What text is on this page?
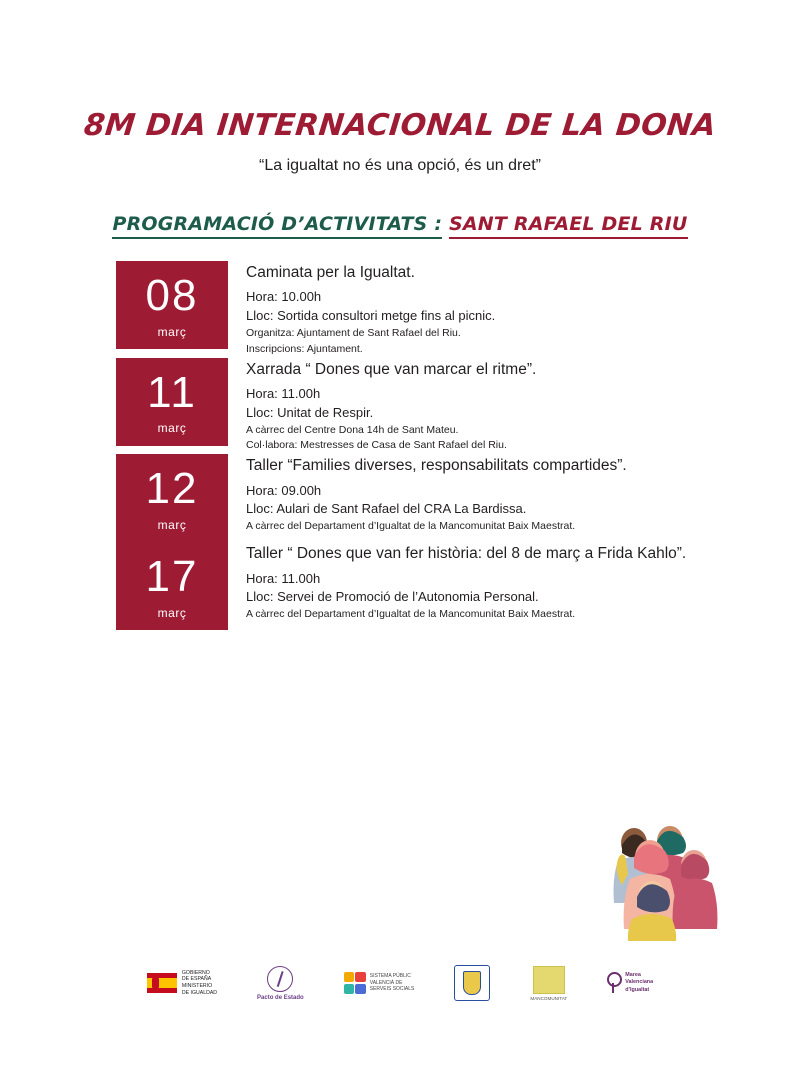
8M DIA INTERNACIONAL DE LA DONA

“La igualtat no és una opció, és un dret”

PROGRAMACIÓ D’ACTIVITATS : SANT RAFAEL DEL RIU
08
març
Caminata per la Igualtat.
Hora: 10.00h
Lloc: Sortida consultori metge fins al picnic.
Organitza: Ajuntament de Sant Rafael del Riu.
Inscripcions: Ajuntament.
11
març
Xarrada “ Dones que van marcar el ritme”.
Hora: 11.00h
Lloc: Unitat de Respir.
A càrrec del Centre Dona 14h de Sant Mateu.
Col·labora: Mestresses de Casa de Sant Rafael del Riu.
12
març
Taller “Families diverses, responsabilitats compartides”.
Hora: 09.00h
Lloc: Aulari de Sant Rafael del CRA La Bardissa.
A càrrec del Departament d’Igualtat de la Mancomunitat Baix Maestrat.
17
març
Taller “ Dones que van fer història: del 8 de març a Frida Kahlo”.
Hora: 11.00h
Lloc: Servei de Promoció de l’Autonomia Personal.
A càrrec del Departament d’Igualtat de la Mancomunitat Baix Maestrat.
GOBIERNO
DE ESPAÑA
MINISTERIO
DE IGUALDAD
Pacto de Estado
SISTEMA PÚBLIC
VALENCIÀ DE
SERVEIS SOCIALS
MANCOMUNITAT
Marea
Valenciana
d’Igualtat
